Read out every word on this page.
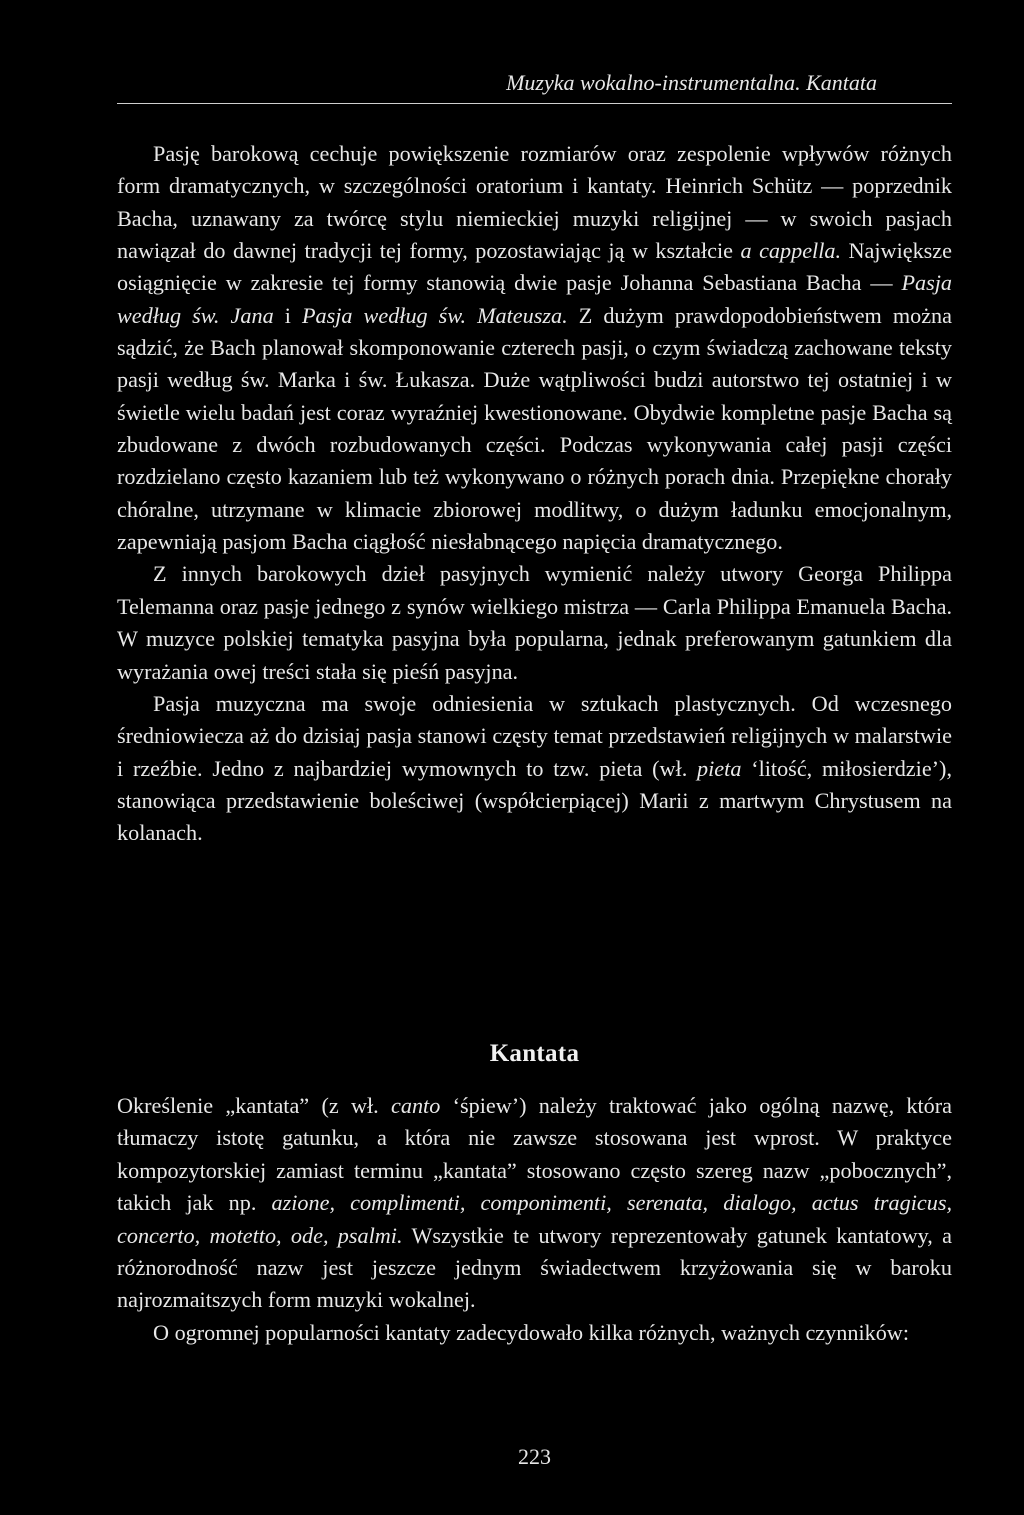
Muzyka wokalno-instrumentalna. Kantata

Pasję barokową cechuje powiększenie rozmiarów oraz zespolenie wpływów różnych form dramatycznych, w szczególności oratorium i kantaty. Heinrich Schütz — poprzednik Bacha, uznawany za twórcę stylu niemieckiej muzyki religijnej — w swoich pasjach nawiązał do dawnej tradycji tej formy, pozostawiając ją w kształcie a cappella. Największe osiągnięcie w zakresie tej formy stanowią dwie pasje Johanna Sebastiana Bacha — Pasja według św. Jana i Pasja według św. Mateusza. Z dużym prawdopodobieństwem można sądzić, że Bach planował skomponowanie czterech pasji, o czym świadczą zachowane teksty pasji według św. Marka i św. Łukasza. Duże wątpliwości budzi autorstwo tej ostatniej i w świetle wielu badań jest coraz wyraźniej kwestionowane. Obydwie kompletne pasje Bacha są zbudowane z dwóch rozbudowanych części. Podczas wykonywania całej pasji części rozdzielano często kazaniem lub też wykonywano o różnych porach dnia. Przepiękne chorały chóralne, utrzymane w klimacie zbiorowej modlitwy, o dużym ładunku emocjonalnym, zapewniają pasjom Bacha ciągłość niesłabnącego napięcia dramatycznego.

Z innych barokowych dzieł pasyjnych wymienić należy utwory Georga Philippa Telemanna oraz pasje jednego z synów wielkiego mistrza — Carla Philippa Emanuela Bacha. W muzyce polskiej tematyka pasyjna była popularna, jednak preferowanym gatunkiem dla wyrażania owej treści stała się pieśń pasyjna.

Pasja muzyczna ma swoje odniesienia w sztukach plastycznych. Od wczesnego średniowiecza aż do dzisiaj pasja stanowi częsty temat przedstawień religijnych w malarstwie i rzeźbie. Jedno z najbardziej wymownych to tzw. pieta (wł. pieta ‘litość, miłosierdzie’), stanowiąca przedstawienie boleściwej (współcierpiącej) Marii z martwym Chrystusem na kolanach.

Kantata

Określenie „kantata” (z wł. canto ‘śpiew’) należy traktować jako ogólną nazwę, która tłumaczy istotę gatunku, a która nie zawsze stosowana jest wprost. W praktyce kompozytorskiej zamiast terminu „kantata” stosowano często szereg nazw „pobocznych”, takich jak np. azione, complimenti, componimenti, serenata, dialogo, actus tragicus, concerto, motetto, ode, psalmi. Wszystkie te utwory reprezentowały gatunek kantatowy, a różnorodność nazw jest jeszcze jednym świadectwem krzyżowania się w baroku najrozmaitszych form muzyki wokalnej.

O ogromnej popularności kantaty zadecydowało kilka różnych, ważnych czynników:

223
